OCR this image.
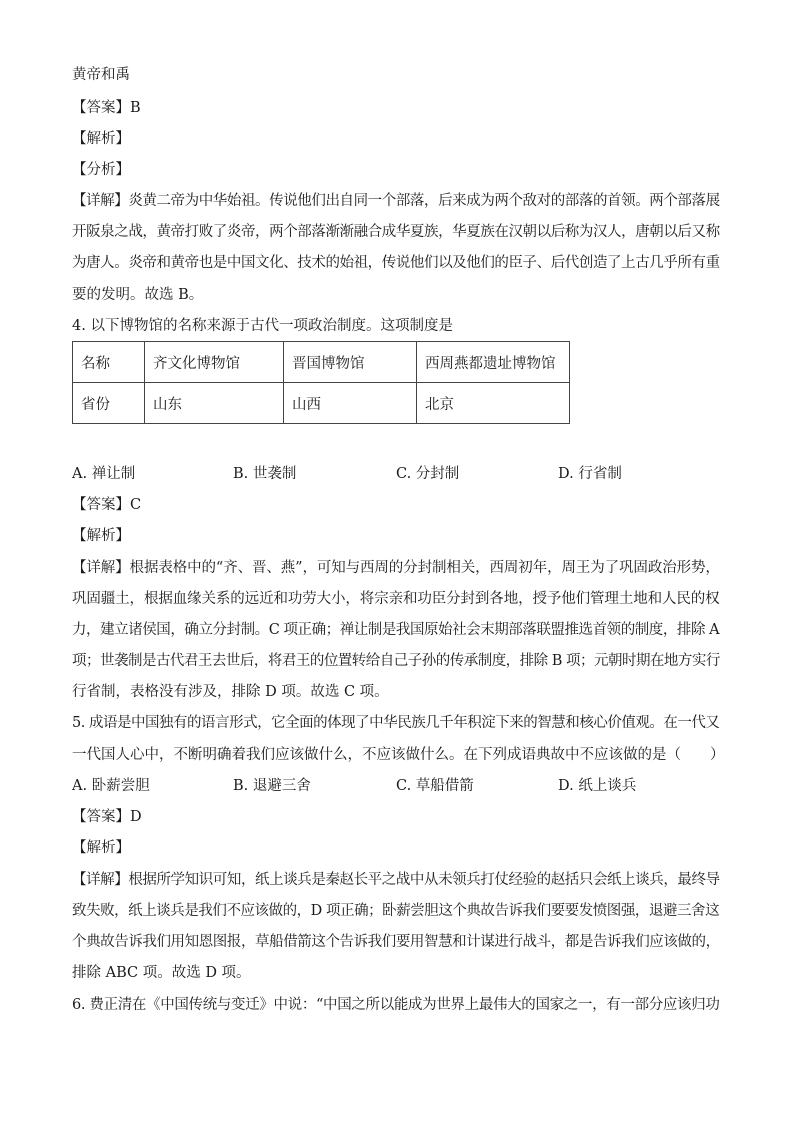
黄帝和禹
【答案】B
【解析】
【分析】
【详解】炎黄二帝为中华始祖。传说他们出自同一个部落，后来成为两个敌对的部落的首领。两个部落展
开阪泉之战，黄帝打败了炎帝，两个部落渐渐融合成华夏族，华夏族在汉朝以后称为汉人，唐朝以后又称
为唐人。炎帝和黄帝也是中国文化、技术的始祖，传说他们以及他们的臣子、后代创造了上古几乎所有重
要的发明。故选 B。
4. 以下博物馆的名称来源于古代一项政治制度。这项制度是
名称	齐文化博物馆	晋国博物馆	西周燕都遗址博物馆
省份	山东	山西	北京
A. 禅让制	B. 世袭制	C. 分封制	D. 行省制
【答案】C
【解析】
【详解】根据表格中的“齐、晋、燕”，可知与西周的分封制相关，西周初年，周王为了巩固政治形势，
巩固疆土，根据血缘关系的远近和功劳大小，将宗亲和功臣分封到各地，授予他们管理土地和人民的权
力，建立诸侯国，确立分封制。C 项正确；禅让制是我国原始社会末期部落联盟推选首领的制度，排除 A
项；世袭制是古代君王去世后，将君王的位置转给自己子孙的传承制度，排除 B 项；元朝时期在地方实行
行省制，表格没有涉及，排除 D 项。故选 C 项。
5. 成语是中国独有的语言形式，它全面的体现了中华民族几千年积淀下来的智慧和核心价值观。在一代又
一代国人心中，不断明确着我们应该做什么，不应该做什么。在下列成语典故中不应该做的是（　　）
A. 卧薪尝胆	B. 退避三舍	C. 草船借箭	D. 纸上谈兵
【答案】D
【解析】
【详解】根据所学知识可知，纸上谈兵是秦赵长平之战中从未领兵打仗经验的赵括只会纸上谈兵，最终导
致失败，纸上谈兵是我们不应该做的，D 项正确；卧薪尝胆这个典故告诉我们要要发愤图强，退避三舍这
个典故告诉我们用知恩图报，草船借箭这个告诉我们要用智慧和计谋进行战斗，都是告诉我们应该做的，
排除 ABC 项。故选 D 项。
6. 费正清在《中国传统与变迁》中说：“中国之所以能成为世界上最伟大的国家之一，有一部分应该归功
